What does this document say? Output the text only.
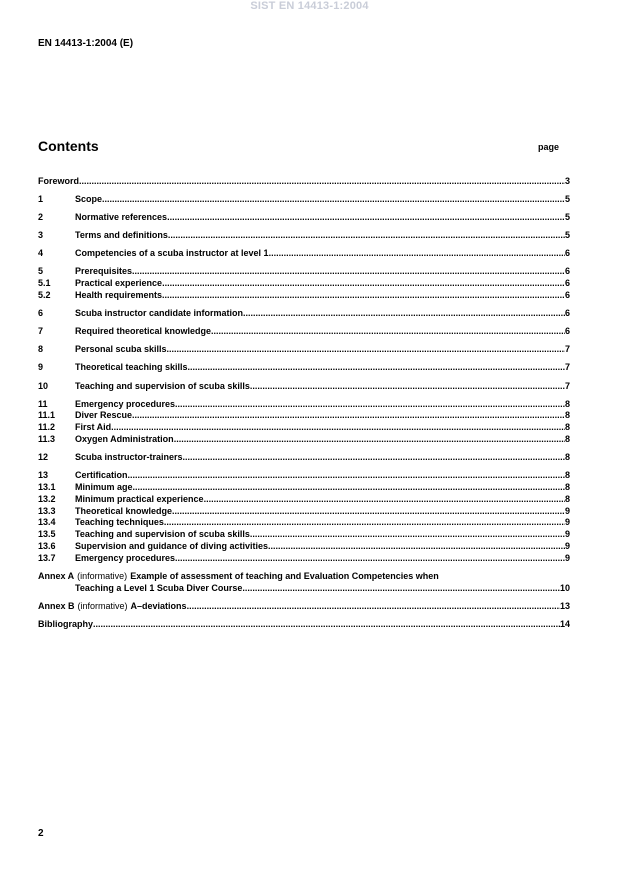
SIST EN 14413-1:2004
EN 14413-1:2004 (E)
Contents	page
Foreword .....	3
1	Scope .....	5
2	Normative references .....	5
3	Terms and definitions .....	5
4	Competencies of a scuba instructor at level 1 .....	6
5	Prerequisites .....	6
5.1	Practical experience .....	6
5.2	Health requirements .....	6
6	Scuba instructor candidate information .....	6
7	Required theoretical knowledge .....	6
8	Personal scuba skills .....	7
9	Theoretical teaching skills .....	7
10	Teaching and supervision of scuba skills .....	7
11	Emergency procedures .....	8
11.1	Diver Rescue .....	8
11.2	First Aid .....	8
11.3	Oxygen Administration .....	8
12	Scuba instructor-trainers .....	8
13	Certification .....	8
13.1	Minimum age .....	8
13.2	Minimum practical experience .....	8
13.3	Theoretical knowledge .....	9
13.4	Teaching techniques .....	9
13.5	Teaching and supervision of scuba skills .....	9
13.6	Supervision and guidance of diving activities .....	9
13.7	Emergency procedures .....	9
Annex A (informative) Example of assessment of teaching and Evaluation Competencies when
Teaching a Level 1 Scuba Diver Course .....	10
Annex B (informative) A–deviations .....	13
Bibliography .....	14
2
